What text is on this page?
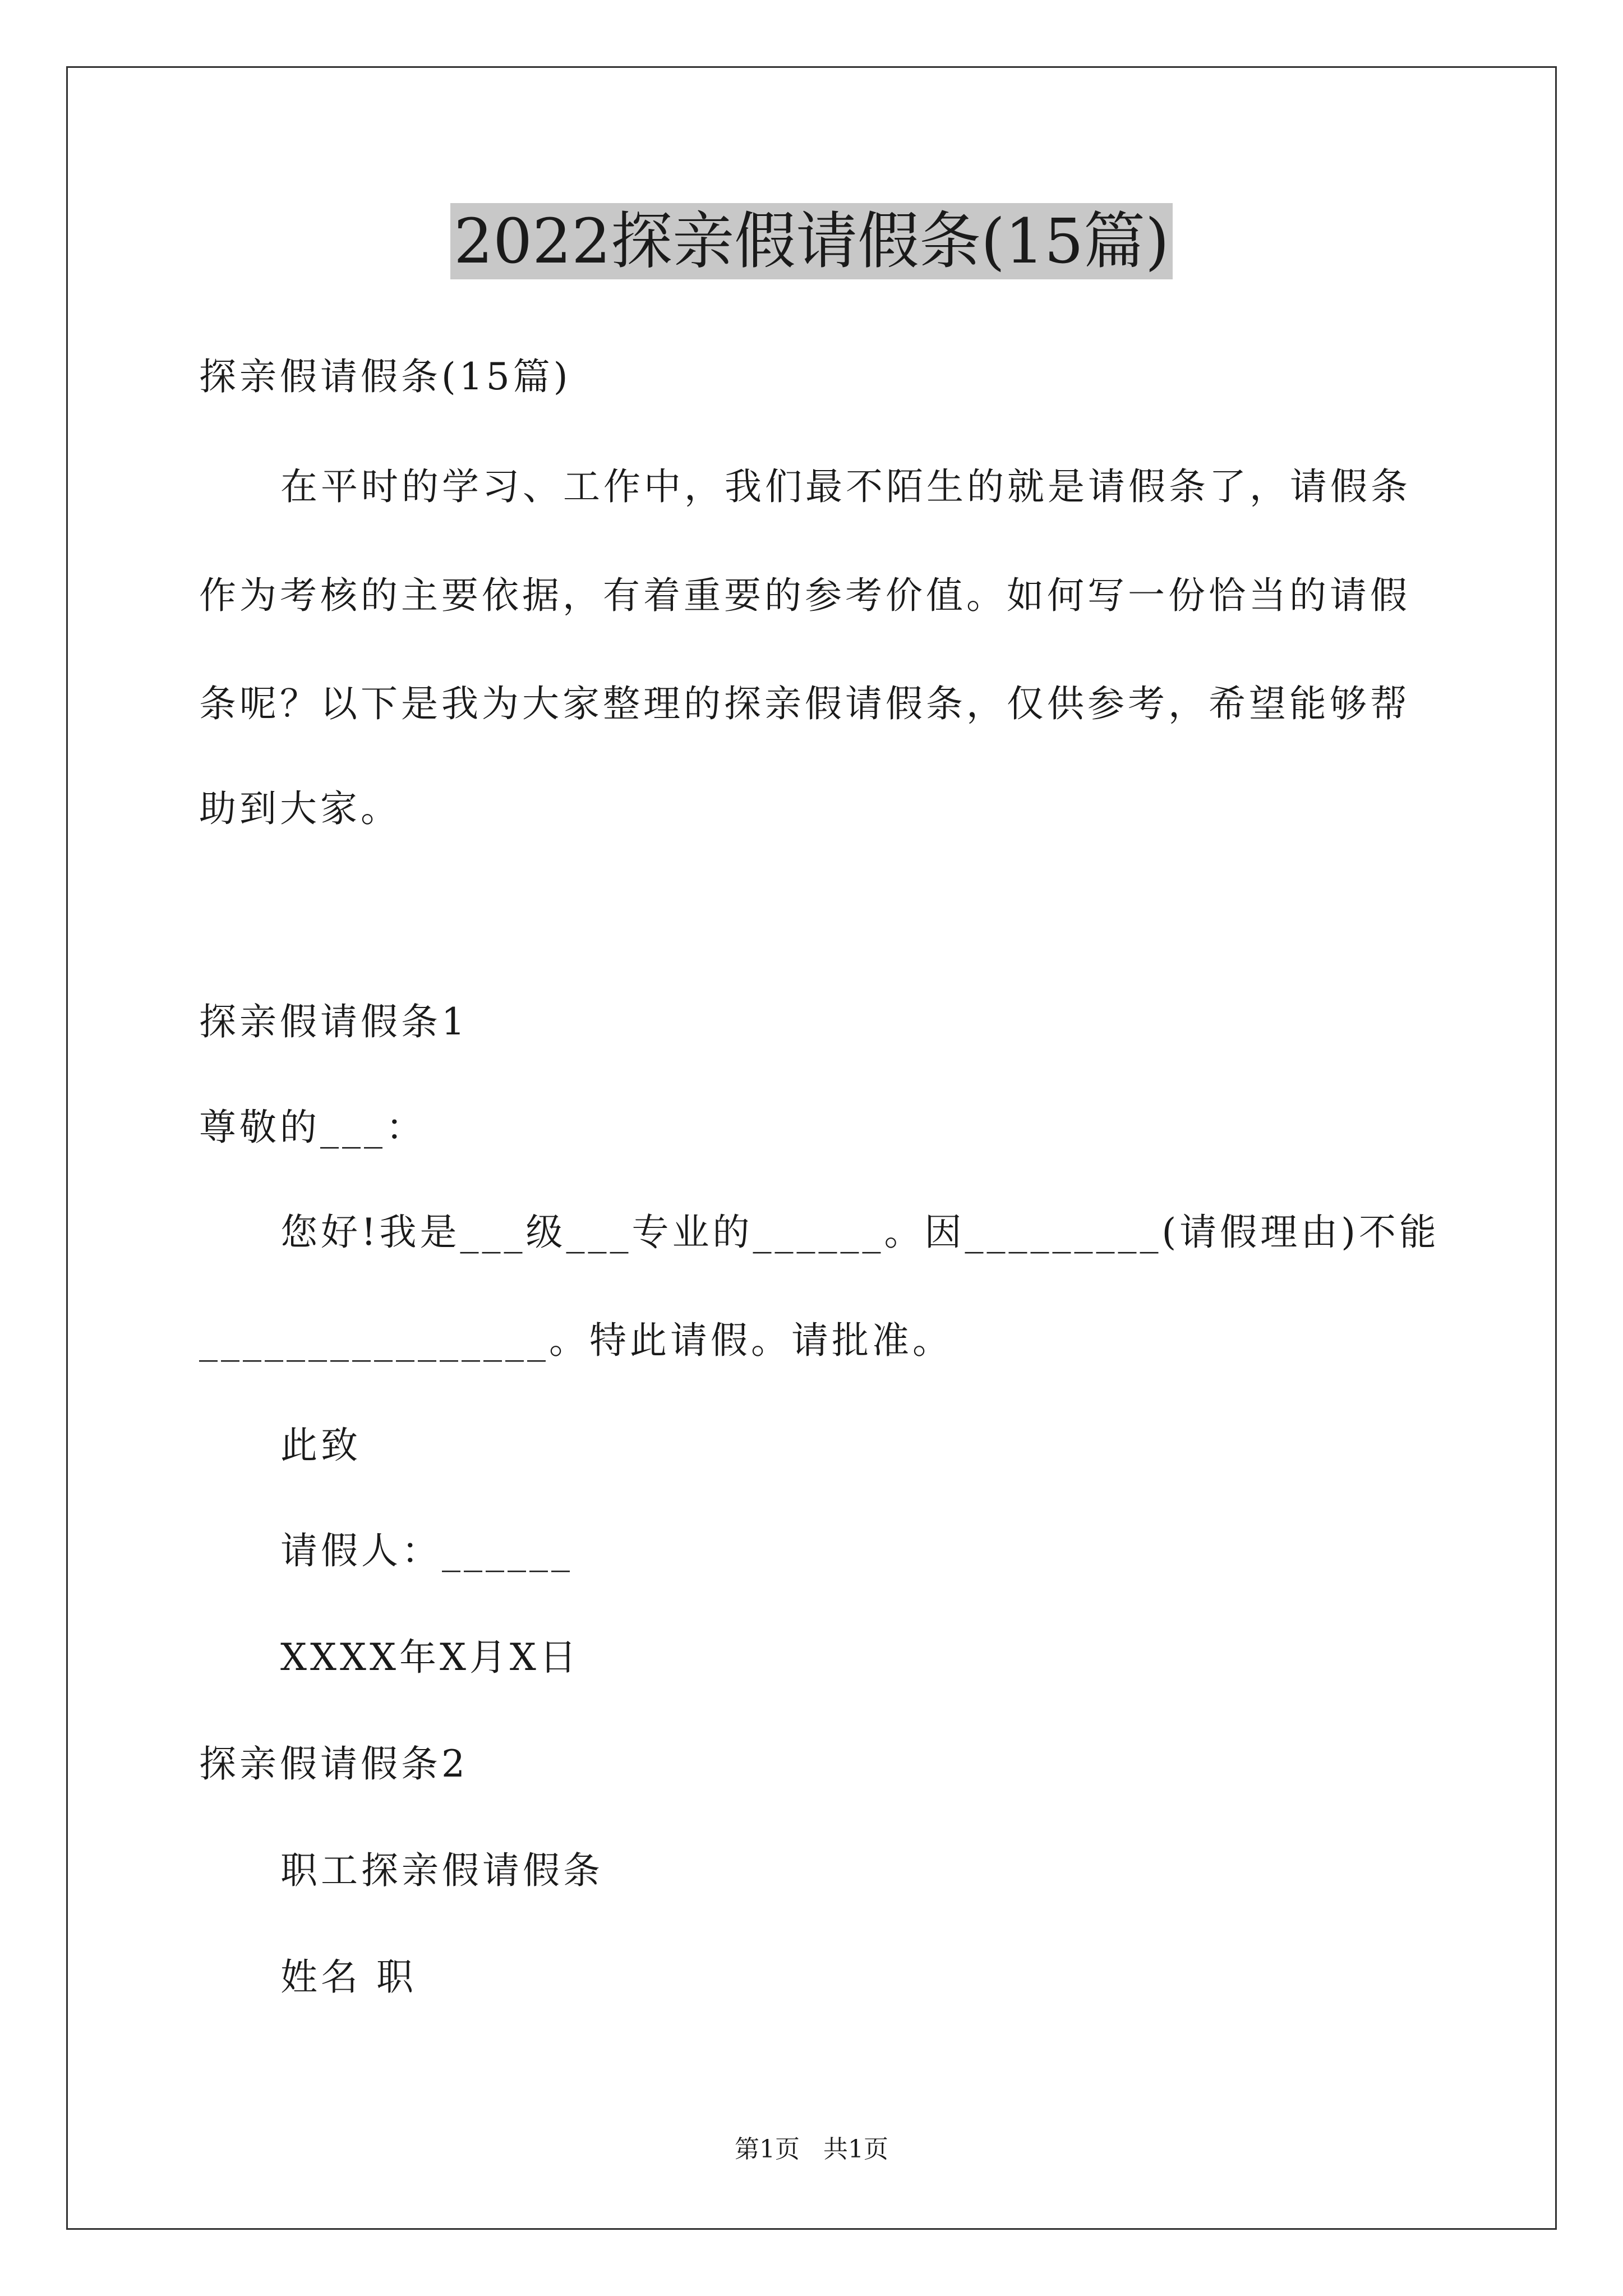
2022探亲假请假条(15篇)
探亲假请假条(15篇)
在平时的学习、工作中，我们最不陌生的就是请假条了，请假条
作为考核的主要依据，有着重要的参考价值。如何写一份恰当的请假
条呢？以下是我为大家整理的探亲假请假条，仅供参考，希望能够帮
助到大家。
探亲假请假条1
尊敬的___：
您好!我是___级___专业的______。因_________(请假理由)不能
________________。特此请假。请批准。
此致
请假人：______
XXXX年X月X日
探亲假请假条2
职工探亲假请假条
姓名 职
第1页   共1页
